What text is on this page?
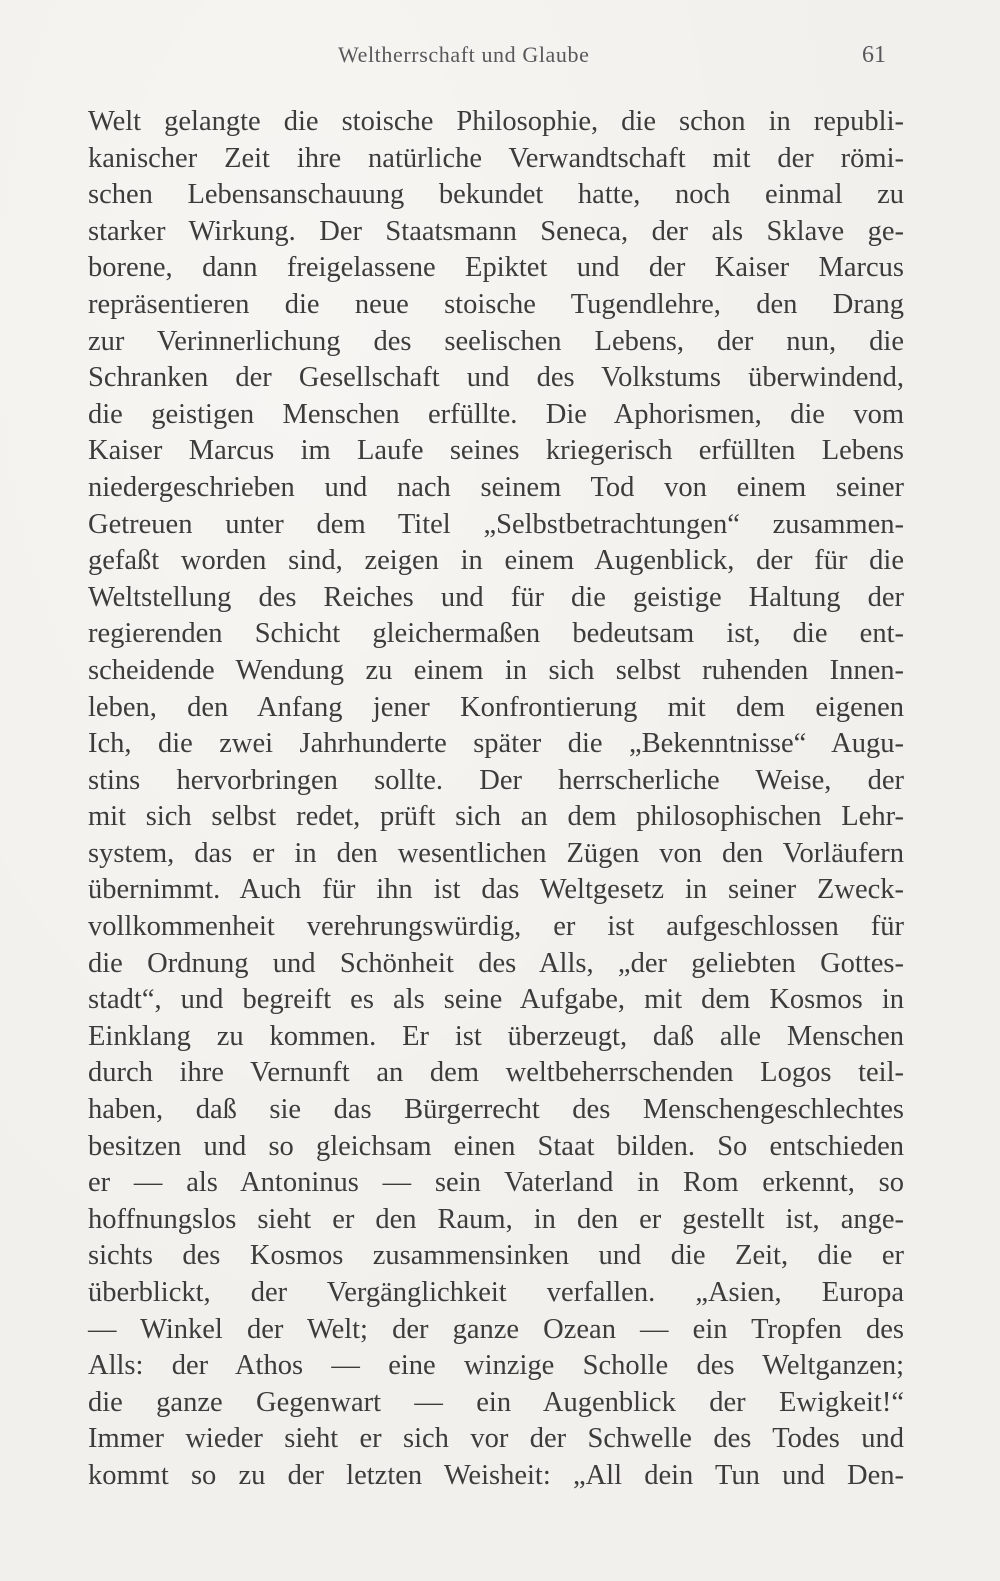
Weltherrschaft und Glaube	61
Welt gelangte die stoische Philosophie, die schon in republi-
kanischer Zeit ihre natürliche Verwandtschaft mit der römi-
schen Lebensanschauung bekundet hatte, noch einmal zu
starker Wirkung. Der Staatsmann Seneca, der als Sklave ge-
borene, dann freigelassene Epiktet und der Kaiser Marcus
repräsentieren die neue stoische Tugendlehre, den Drang
zur Verinnerlichung des seelischen Lebens, der nun, die
Schranken der Gesellschaft und des Volkstums überwindend,
die geistigen Menschen erfüllte. Die Aphorismen, die vom
Kaiser Marcus im Laufe seines kriegerisch erfüllten Lebens
niedergeschrieben und nach seinem Tod von einem seiner
Getreuen unter dem Titel „Selbstbetrachtungen“ zusammen-
gefaßt worden sind, zeigen in einem Augenblick, der für die
Weltstellung des Reiches und für die geistige Haltung der
regierenden Schicht gleichermaßen bedeutsam ist, die ent-
scheidende Wendung zu einem in sich selbst ruhenden Innen-
leben, den Anfang jener Konfrontierung mit dem eigenen
Ich, die zwei Jahrhunderte später die „Bekenntnisse“ Augu-
stins hervorbringen sollte. Der herrscherliche Weise, der
mit sich selbst redet, prüft sich an dem philosophischen Lehr-
system, das er in den wesentlichen Zügen von den Vorläufern
übernimmt. Auch für ihn ist das Weltgesetz in seiner Zweck-
vollkommenheit verehrungswürdig, er ist aufgeschlossen für
die Ordnung und Schönheit des Alls, „der geliebten Gottes-
stadt“, und begreift es als seine Aufgabe, mit dem Kosmos in
Einklang zu kommen. Er ist überzeugt, daß alle Menschen
durch ihre Vernunft an dem weltbeherrschenden Logos teil-
haben, daß sie das Bürgerrecht des Menschengeschlechtes
besitzen und so gleichsam einen Staat bilden. So entschieden
er — als Antoninus — sein Vaterland in Rom erkennt, so
hoffnungslos sieht er den Raum, in den er gestellt ist, ange-
sichts des Kosmos zusammensinken und die Zeit, die er
überblickt, der Vergänglichkeit verfallen. „Asien, Europa
— Winkel der Welt; der ganze Ozean — ein Tropfen des
Alls: der Athos — eine winzige Scholle des Weltganzen;
die ganze Gegenwart — ein Augenblick der Ewigkeit!“
Immer wieder sieht er sich vor der Schwelle des Todes und
kommt so zu der letzten Weisheit: „All dein Tun und Den-
